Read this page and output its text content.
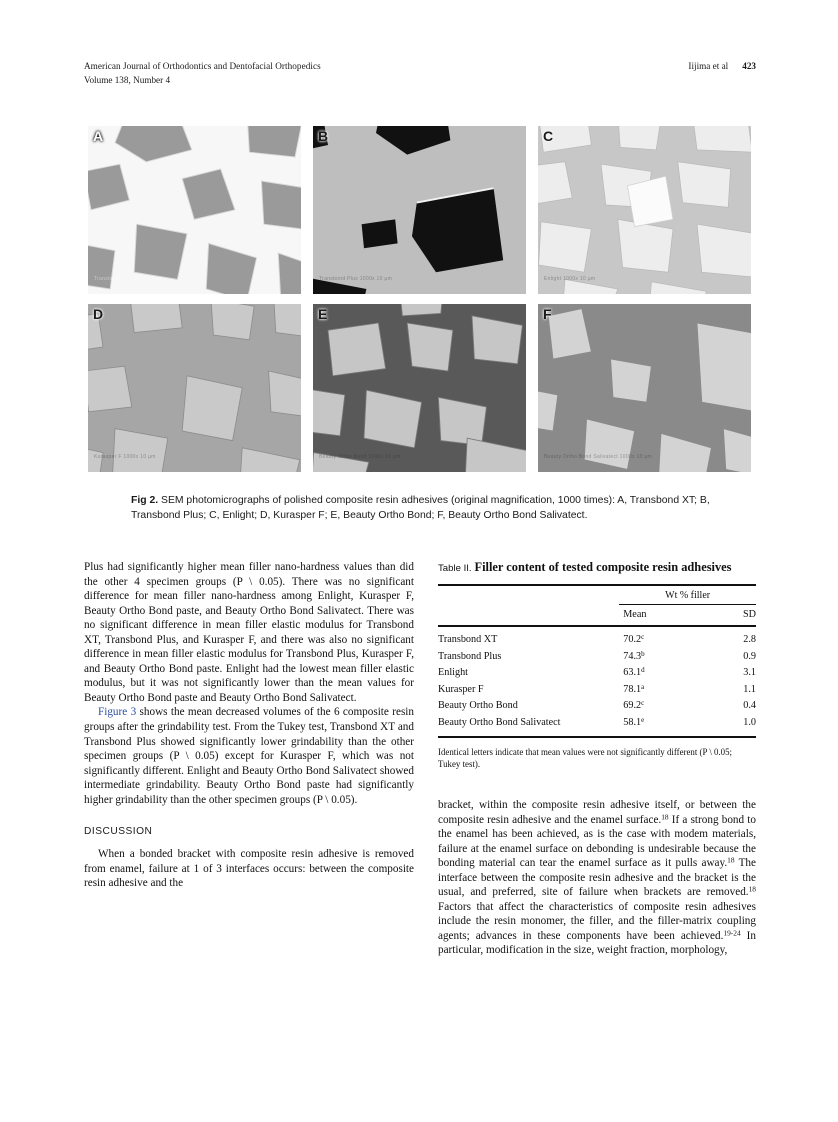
American Journal of Orthodontics and Dentofacial Orthopedics	Iijima et al 423
Volume 138, Number 4
A
Transbond XT 1000x 10 µm
B
Transbond Plus 1000x 10 µm
C
Enlight 1000x 10 µm
D
Kurasper F 1000x 10 µm
E
Beauty Ortho Bond 1000x 10 µm
F
Beauty Ortho Bond Salivatect 1000x 10 µm
Fig 2. SEM photomicrographs of polished composite resin adhesives (original magnification, 1000 times): A, Transbond XT; B, Transbond Plus; C, Enlight; D, Kurasper F; E, Beauty Ortho Bond; F, Beauty Ortho Bond Salivatect.

Plus had significantly higher mean filler nano-hardness values than did the other 4 specimen groups (P \ 0.05). There was no significant difference for mean filler nano-hardness among Enlight, Kurasper F, Beauty Ortho Bond paste, and Beauty Ortho Bond Salivatect. There was no significant difference in mean filler elastic modulus for Transbond XT, Transbond Plus, and Kurasper F, and there was also no significant difference in mean filler elastic modulus for Transbond Plus, Kurasper F, and Beauty Ortho Bond paste. Enlight had the lowest mean filler elastic modulus, but it was not significantly lower than the mean values for Beauty Ortho Bond paste and Beauty Ortho Bond Salivatect.

Figure 3 shows the mean decreased volumes of the 6 composite resin groups after the grindability test. From the Tukey test, Transbond XT and Transbond Plus showed significantly lower grindability than the other specimen groups (P \ 0.05) except for Kurasper F, which was not significantly different. Enlight and Beauty Ortho Bond Salivatect showed intermediate grindability. Beauty Ortho Bond paste had significantly higher grindability than the other specimen groups (P \ 0.05).

DISCUSSION

When a bonded bracket with composite resin adhesive is removed from enamel, failure at 1 of 3 interfaces occurs: between the composite resin adhesive and the

Table II. Filler content of tested composite resin adhesives

	Wt % filler	
	Mean	SD

Transbond XT	70.2$^c$	2.8
Transbond Plus	74.3$^b$	0.9
Enlight	63.1$^d$	3.1
Kurasper F	78.1$^a$	1.1
Beauty Ortho Bond	69.2$^c$	0.4
Beauty Ortho Bond Salivatect	58.1e	1.0

Identical letters indicate that mean values were not significantly different (P \ 0.05; Tukey test).

bracket, within the composite resin adhesive itself, or between the composite resin adhesive and the enamel surface.$^{18}$ If a strong bond to the enamel has been achieved, as is the case with modem materials, failure at the enamel surface on debonding is undesirable because the bonding material can tear the enamel surface as it pulls away.$^{18}$ The interface between the composite resin adhesive and the bracket is the usual, and preferred, site of failure when brackets are removed.$^{18}$ Factors that affect the characteristics of composite resin adhesives include the resin monomer, the filler, and the filler-matrix coupling agents; advances in these components have been achieved.$^{19-24}$ In particular, modification in the size, weight fraction, morphology,
